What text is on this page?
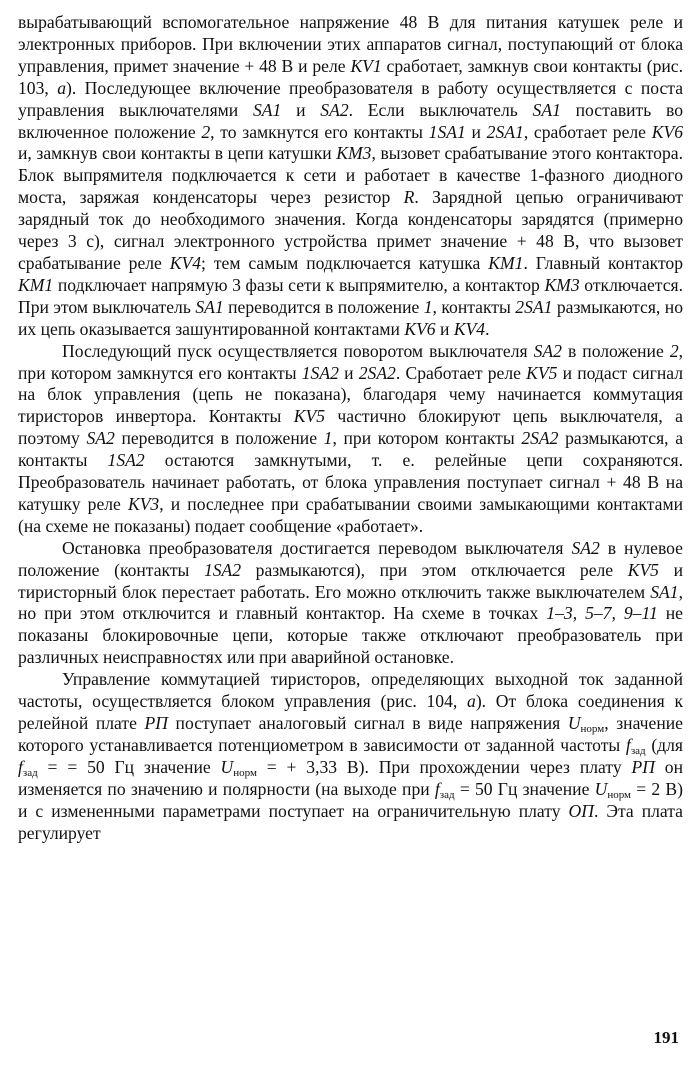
вырабатывающий вспомогательное напряжение 48 В для питания катушек реле и электронных приборов. При включении этих аппаратов сигнал, поступающий от блока управления, примет значение + 48 В и реле KV1 сработает, замкнув свои контакты (рис. 103, а). Последующее включение преобразователя в работу осуществляется с поста управления выключателями SA1 и SA2. Если выключатель SA1 поставить во включенное положение 2, то замкнутся его контакты 1SA1 и 2SA1, сработает реле KV6 и, замкнув свои контакты в цепи катушки KM3, вызовет срабатывание этого контактора. Блок выпрямителя подключается к сети и работает в качестве 1-фазного диодного моста, заряжая конденсаторы через резистор R. Зарядной цепью ограничивают зарядный ток до необходимого значения. Когда конденсаторы зарядятся (примерно через 3 с), сигнал электронного устройства примет значение + 48 В, что вызовет срабатывание реле KV4; тем самым подключается катушка KM1. Главный контактор KM1 подключает напрямую 3 фазы сети к выпрямителю, а контактор KM3 отключается. При этом выключатель SA1 переводится в положение 1, контакты 2SA1 размыкаются, но их цепь оказывается зашунтированной контактами KV6 и KV4.

Последующий пуск осуществляется поворотом выключателя SA2 в положение 2, при котором замкнутся его контакты 1SA2 и 2SA2. Сработает реле KV5 и подаст сигнал на блок управления (цепь не показана), благодаря чему начинается коммутация тиристоров инвертора. Контакты KV5 частично блокируют цепь выключателя, а поэтому SA2 переводится в положение 1, при котором контакты 2SA2 размыкаются, а контакты 1SA2 остаются замкнутыми, т. е. релейные цепи сохраняются. Преобразователь начинает работать, от блока управления поступает сигнал + 48 В на катушку реле KV3, и последнее при срабатывании своими замыкающими контактами (на схеме не показаны) подает сообщение «работает».

Остановка преобразователя достигается переводом выключателя SA2 в нулевое положение (контакты 1SA2 размыкаются), при этом отключается реле KV5 и тиристорный блок перестает работать. Его можно отключить также выключателем SA1, но при этом отключится и главный контактор. На схеме в точках 1–3, 5–7, 9–11 не показаны блокировочные цепи, которые также отключают преобразователь при различных неисправностях или при аварийной остановке.

Управление коммутацией тиристоров, определяющих выходной ток заданной частоты, осуществляется блоком управления (рис. 104, а). От блока соединения к релейной плате РП поступает аналоговый сигнал в виде напряжения $U_{норм}$, значение которого устанавливается потенциометром в зависимости от заданной частоты $f_{зад}$ (для $f_{зад}$ = = 50 Гц значение $U_{норм}$ = + 3,33 В). При прохождении через плату РП он изменяется по значению и полярности (на выходе при $f_{зад} = 50$ Гц значение $U_{норм} = 2$ В) и с измененными параметрами поступает на ограничительную плату ОП. Эта плата регулирует

191
